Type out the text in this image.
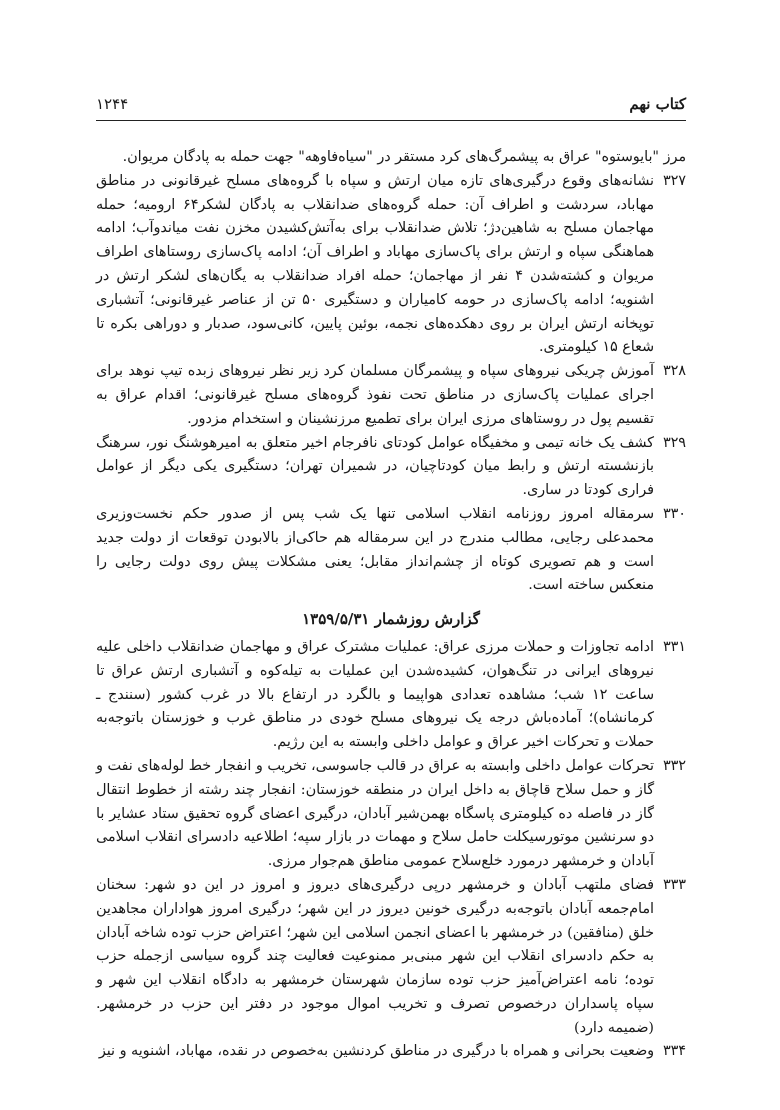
کتاب نهم
۱۲۴۴
مرز "بایوستوه" عراق به پیشمرگ‌های کرد مستقر در "سیاه‌فاوهه" جهت حمله به پادگان مریوان.
۳۲۷
نشانه‌های وقوع درگیری‌های تازه میان ارتش و سپاه با گروه‌های مسلح غیرقانونی در مناطق مهاباد، سردشت و اطراف آن: حمله گروه‌های ضدانقلاب به پادگان لشکر۶۴ ارومیه؛ حمله مهاجمان مسلح به شاهین‌دژ؛ تلاش ضدانقلاب برای به‌آتش‌کشیدن مخزن نفت میاندوآب؛ ادامه هماهنگی سپاه و ارتش برای پاک‌سازی مهاباد و اطراف آن؛ ادامه پاک‌سازی روستاهای اطراف مریوان و کشته‌شدن ۴ نفر از مهاجمان؛ حمله افراد ضدانقلاب به یگان‌های لشکر ارتش در اشنویه؛ ادامه پاک‌سازی در حومه کامیاران و دستگیری ۵۰ تن از عناصر غیرقانونی؛ آتشباری توپخانه ارتش ایران بر روی دهکده‌های نجمه، بوئین پایین، کانی‌سود، صدبار و دوراهی بکره تا شعاع ۱۵ کیلومتری.
۳۲۸
آموزش چریکی نیروهای سپاه و پیشمرگان مسلمان کرد زیر نظر نیروهای زبده تیپ نوهد برای اجرای عملیات پاک‌سازی در مناطق تحت نفوذ گروه‌های مسلح غیرقانونی؛ اقدام عراق به تقسیم پول در روستاهای مرزی ایران برای تطمیع مرزنشینان و استخدام مزدور.
۳۲۹
کشف یک خانه تیمی و مخفیگاه عوامل کودتای نافرجام اخیر متعلق به امیرهوشنگ نور، سرهنگ بازنشسته ارتش و رابط میان کودتاچیان، در شمیران تهران؛ دستگیری یکی دیگر از عوامل فراری کودتا در ساری.
۳۳۰
سرمقاله امروز روزنامه انقلاب اسلامی تنها یک شب پس از صدور حکم نخست‌وزیری محمدعلی رجایی، مطالب مندرج در این سرمقاله هم حاکی‌از بالابودن توقعات از دولت جدید است و هم تصویری کوتاه از چشم‌انداز مقابل؛ یعنی مشکلات پیش روی دولت رجایی را منعکس ساخته است.
گزارش روزشمار ۱۳۵۹/۵/۳۱
۳۳۱
ادامه تجاوزات و حملات مرزی عراق: عملیات مشترک عراق و مهاجمان ضدانقلاب داخلی علیه نیروهای ایرانی در تنگ‌هوان، کشیده‌شدن این عملیات به تیله‌کوه و آتشباری ارتش عراق تا ساعت ۱۲ شب؛ مشاهده تعدادی هواپیما و بالگرد در ارتفاع بالا در غرب کشور (سنندج ـ کرمانشاه)؛ آماده‌باش درجه یک نیروهای مسلح خودی در مناطق غرب و خوزستان باتوجه‌به حملات و تحرکات اخیر عراق و عوامل داخلی وابسته به این رژیم.
۳۳۲
تحرکات عوامل داخلی وابسته به عراق در قالب جاسوسی، تخریب و انفجار خط لوله‌های نفت و گاز و حمل سلاح قاچاق به داخل ایران در منطقه خوزستان: انفجار چند رشته از خطوط انتقال گاز در فاصله ده کیلومتری پاسگاه بهمن‌شیر آبادان، درگیری اعضای گروه تحقیق ستاد عشایر با دو سرنشین موتورسیکلت حامل سلاح و مهمات در بازار سپه؛ اطلاعیه دادسرای انقلاب اسلامی آبادان و خرمشهر درمورد خلع‌سلاح عمومی مناطق هم‌جوار مرزی.
۳۳۳
فضای ملتهب آبادان و خرمشهر درپی درگیری‌های دیروز و امروز در این دو شهر: سخنان امام‌جمعه آبادان باتوجه‌به درگیری خونین دیروز در این شهر؛ درگیری امروز هواداران مجاهدین خلق (منافقین) در خرمشهر با اعضای انجمن اسلامی این شهر؛ اعتراض حزب توده شاخه آبادان به حکم دادسرای انقلاب این شهر مبنی‌بر ممنوعیت فعالیت چند گروه سیاسی ازجمله حزب توده؛ نامه اعتراض‌آمیز حزب توده سازمان شهرستان خرمشهر به دادگاه انقلاب این شهر و سپاه پاسداران درخصوص تصرف و تخریب اموال موجود در دفتر این حزب در خرمشهر. (ضمیمه دارد)
۳۳۴
وضعیت بحرانی و همراه با درگیری در مناطق کردنشین به‌خصوص در نقده، مهاباد، اشنویه و نیز
